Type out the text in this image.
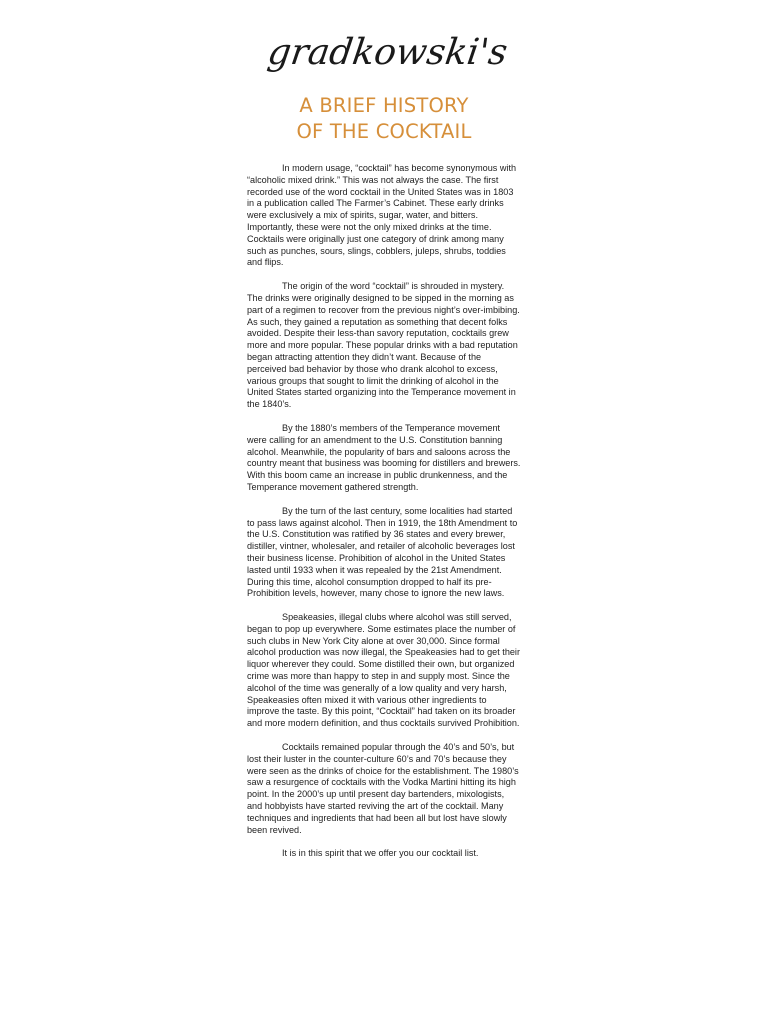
gradkowski's
A BRIEF HISTORY
OF THE COCKTAIL

In modern usage, “cocktail” has become synonymous with “alcoholic mixed drink.” This was not always the case. The first recorded use of the word cocktail in the United States was in 1803 in a publication called The Farmer’s Cabinet. These early drinks were exclusively a mix of spirits, sugar, water, and bitters. Importantly, these were not the only mixed drinks at the time. Cocktails were originally just one category of drink among many such as punches, sours, slings, cobblers, juleps, shrubs, toddies and flips.

The origin of the word “cocktail” is shrouded in mystery. The drinks were originally designed to be sipped in the morning as part of a regimen to recover from the previous night’s over-imbibing. As such, they gained a reputation as something that decent folks avoided. Despite their less-than savory reputation, cocktails grew more and more popular. These popular drinks with a bad reputation began attracting attention they didn’t want. Because of the perceived bad behavior by those who drank alcohol to excess, various groups that sought to limit the drinking of alcohol in the United States started organizing into the Temperance movement in the 1840’s.

By the 1880’s members of the Temperance movement were calling for an amendment to the U.S. Constitution banning alcohol. Meanwhile, the popularity of bars and saloons across the country meant that business was booming for distillers and brewers. With this boom came an increase in public drunkenness, and the Temperance movement gathered strength.

By the turn of the last century, some localities had started to pass laws against alcohol. Then in 1919, the 18th Amendment to the U.S. Constitution was ratified by 36 states and every brewer, distiller, vintner, wholesaler, and retailer of alcoholic beverages lost their business license. Prohibition of alcohol in the United States lasted until 1933 when it was repealed by the 21st Amendment. During this time, alcohol consumption dropped to half its pre-Prohibition levels, however, many chose to ignore the new laws.

Speakeasies, illegal clubs where alcohol was still served, began to pop up everywhere. Some estimates place the number of such clubs in New York City alone at over 30,000. Since formal alcohol production was now illegal, the Speakeasies had to get their liquor wherever they could. Some distilled their own, but organized crime was more than happy to step in and supply most. Since the alcohol of the time was generally of a low quality and very harsh, Speakeasies often mixed it with various other ingredients to improve the taste. By this point, “Cocktail” had taken on its broader and more modern definition, and thus cocktails survived Prohibition.

Cocktails remained popular through the 40’s and 50’s, but lost their luster in the counter-culture 60’s and 70’s because they were seen as the drinks of choice for the establishment. The 1980’s saw a resurgence of cocktails with the Vodka Martini hitting its high point. In the 2000’s up until present day bartenders, mixologists, and hobbyists have started reviving the art of the cocktail. Many techniques and ingredients that had been all but lost have slowly been revived.

It is in this spirit that we offer you our cocktail list.
